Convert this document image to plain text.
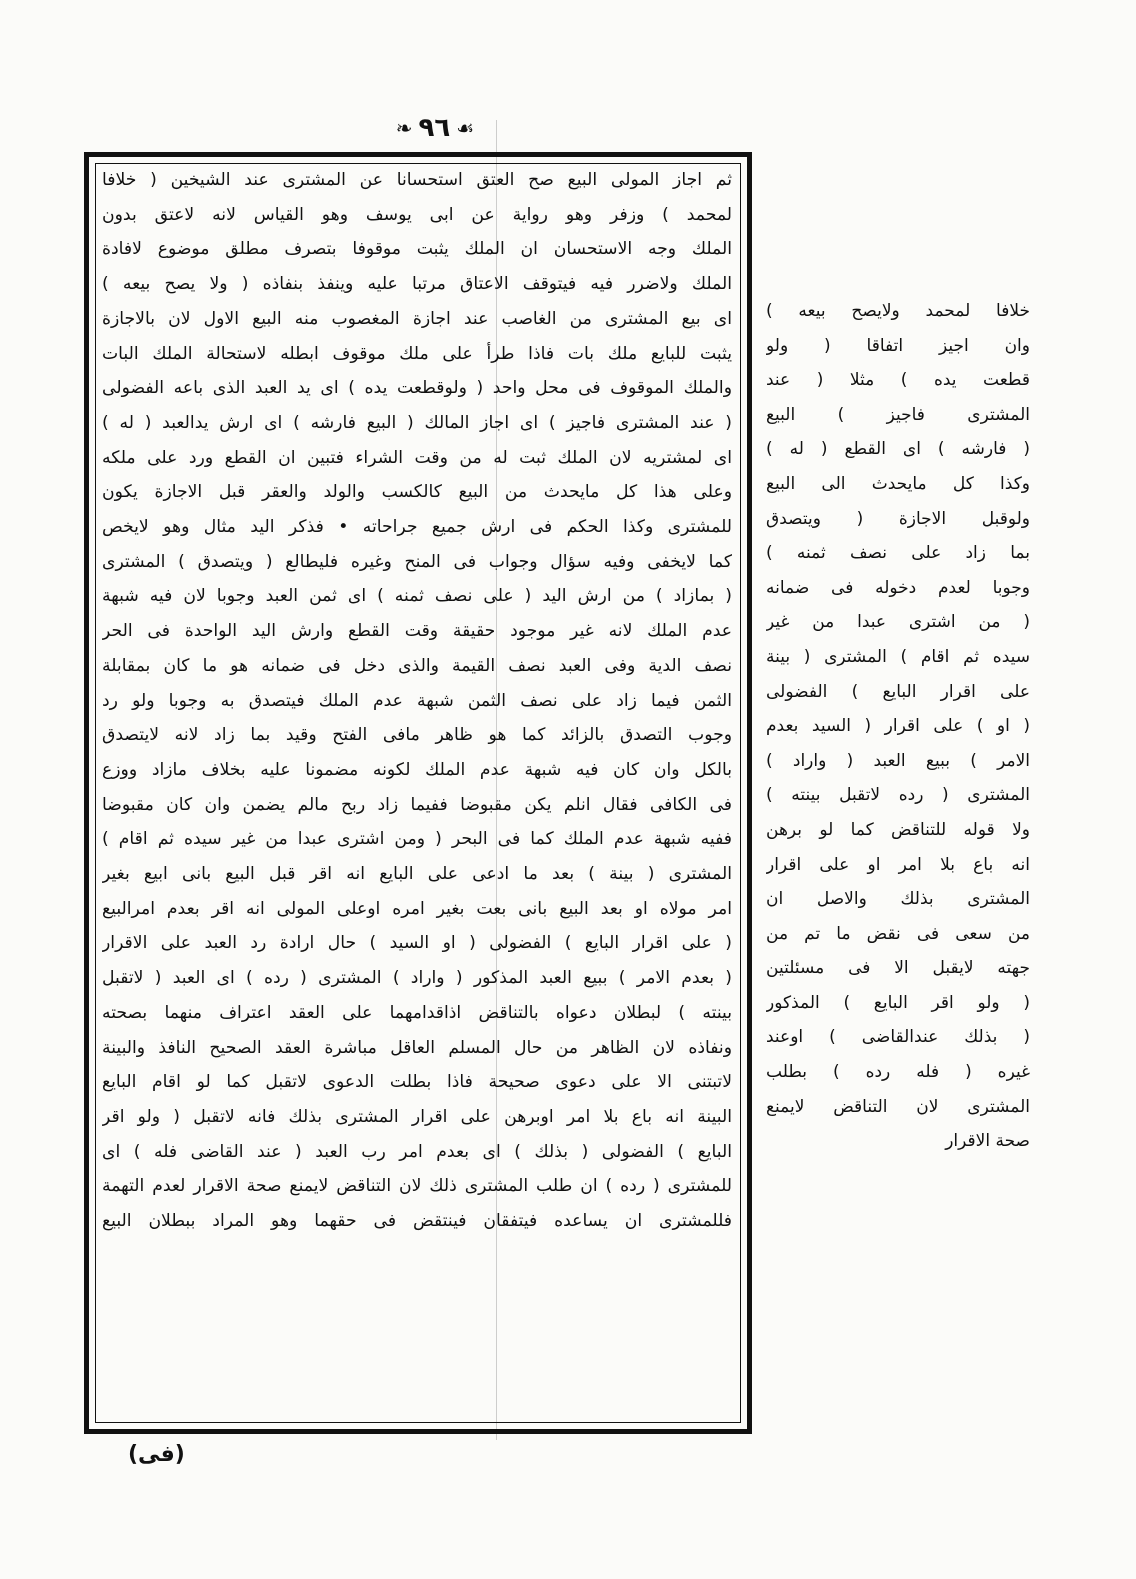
❧ ٩٦ ☙
ثم اجاز المولى البيع صح العتق استحسانا عن المشترى عند الشيخين ( خلافا
لمحمد ) وزفر وهو رواية عن ابى يوسف وهو القياس لانه لاعتق بدون
الملك وجه الاستحسان ان الملك يثبت موقوفا بتصرف مطلق موضوع لافادة
الملك ولاضرر فيه فيتوقف الاعتاق مرتبا عليه وينفذ بنفاذه ( ولا يصح بيعه )
اى بيع المشترى من الغاصب عند اجازة المغصوب منه البيع الاول لان بالاجازة
يثبت للبايع ملك بات فاذا طرأ على ملك موقوف ابطله لاستحالة الملك البات
والملك الموقوف فى محل واحد ( ولوقطعت يده ) اى يد العبد الذى باعه الفضولى
( عند المشترى فاجيز ) اى اجاز المالك ( البيع فارشه ) اى ارش يدالعبد ( له )
اى لمشتريه لان الملك ثبت له من وقت الشراء فتبين ان القطع ورد على ملكه
وعلى هذا كل مايحدث من البيع كالكسب والولد والعقر قبل الاجازة يكون
للمشترى وكذا الحكم فى ارش جميع جراحاته • فذكر اليد مثال وهو لايخص
كما لايخفى وفيه سؤال وجواب فى المنح وغيره فليطالع ( ويتصدق ) المشترى
( بمازاد ) من ارش اليد ( على نصف ثمنه ) اى ثمن العبد وجوبا لان فيه شبهة
عدم الملك لانه غير موجود حقيقة وقت القطع وارش اليد الواحدة فى الحر
نصف الدية وفى العبد نصف القيمة والذى دخل فى ضمانه هو ما كان بمقابلة
الثمن فيما زاد على نصف الثمن شبهة عدم الملك فيتصدق به وجوبا ولو رد
وجوب التصدق بالزائد كما هو ظاهر مافى الفتح وقيد بما زاد لانه لايتصدق
بالكل وان كان فيه شبهة عدم الملك لكونه مضمونا عليه بخلاف مازاد ووزع
فى الكافى فقال انلم يكن مقبوضا ففيما زاد ربح مالم يضمن وان كان مقبوضا
ففيه شبهة عدم الملك كما فى البحر ( ومن اشترى عبدا من غير سيده ثم اقام )
المشترى ( بينة ) بعد ما ادعى على البايع انه اقر قبل البيع بانى ابيع بغير
امر مولاه او بعد البيع بانى بعت بغير امره اوعلى المولى انه اقر بعدم امرالبيع
( على اقرار البايع ) الفضولى ( او السيد ) حال ارادة رد العبد على الاقرار
( بعدم الامر ) ببيع العبد المذكور ( واراد ) المشترى ( رده ) اى العبد ( لاتقبل
بينته ) لبطلان دعواه بالتناقض اذاقدامهما على العقد اعتراف منهما بصحته
ونفاذه لان الظاهر من حال المسلم العاقل مباشرة العقد الصحيح النافذ والبينة
لاتبتنى الا على دعوى صحيحة فاذا بطلت الدعوى لاتقبل كما لو اقام البايع
البينة انه باع بلا امر اوبرهن على اقرار المشترى بذلك فانه لاتقبل ( ولو اقر
البايع ) الفضولى ( بذلك ) اى بعدم امر رب العبد ( عند القاضى فله ) اى
للمشترى ( رده ) ان طلب المشترى ذلك لان التناقض لايمنع صحة الاقرار لعدم التهمة
فللمشترى ان يساعده فيتفقان فينتقض فى حقهما وهو المراد ببطلان البيع
خلافا لمحمد ولايصح بيعه )
وان اجيز اتفاقا ( ولو
قطعت يده ) مثلا ( عند
المشترى فاجيز ) البيع
( فارشه ) اى القطع ( له )
وكذا كل مايحدث الى البيع
ولوقبل الاجازة ( ويتصدق
بما زاد على نصف ثمنه )
وجوبا لعدم دخوله فى ضمانه
( من اشترى عبدا من غير
سيده ثم اقام ) المشترى ( بينة
على اقرار البايع ) الفضولى
( او ) على اقرار ( السيد بعدم
الامر ) ببيع العبد ( واراد )
المشترى ( رده لاتقبل بينته )
ولا قوله للتناقض كما لو برهن
انه باع بلا امر او على اقرار
المشترى بذلك والاصل ان
من سعى فى نقض ما تم من
جهته لايقبل الا فى مسئلتين
( ولو اقر البايع ) المذكور
( بذلك عندالقاضى ) اوعند
غيره ( فله رده ) بطلب
المشترى لان التناقض لايمنع
صحة الاقرار
(فى)
